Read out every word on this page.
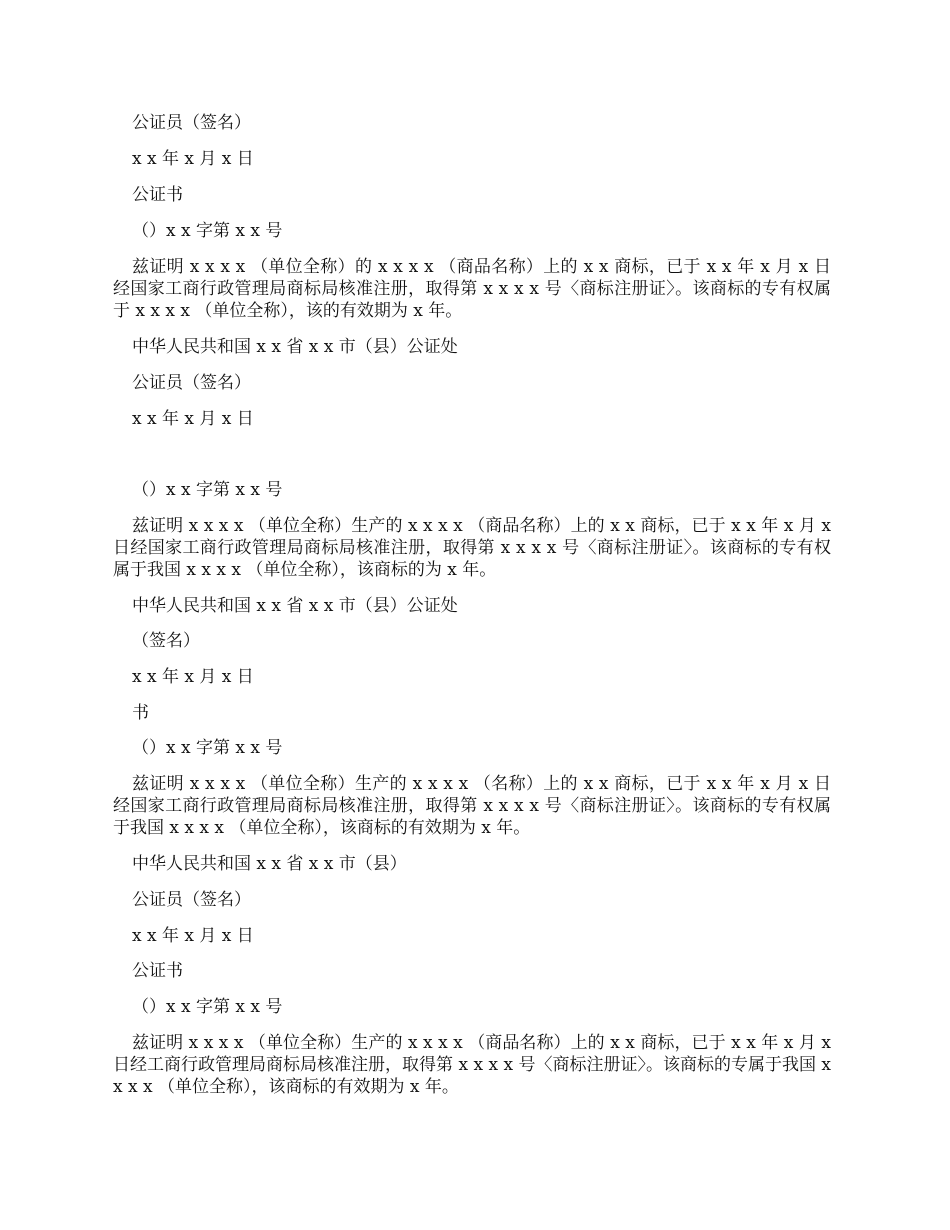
公证员（签名）
x x 年 x 月 x 日
公证书
（）x x 字第 x x 号
兹证明 x x x x （单位全称）的 x x x x （商品名称）上的 x x 商标，已于 x x 年 x 月 x 日经国家工商行政管理局商标局核准注册，取得第 x x x x 号〈商标注册证〉。该商标的专有权属于 x x x x （单位全称），该的有效期为 x 年。
中华人民共和国 x x 省 x x 市（县）公证处
公证员（签名）
x x 年 x 月 x 日
（）x x 字第 x x 号
兹证明 x x x x （单位全称）生产的 x x x x （商品名称）上的 x x 商标，已于 x x 年 x 月 x 日经国家工商行政管理局商标局核准注册，取得第 x x x x 号〈商标注册证〉。该商标的专有权属于我国 x x x x （单位全称），该商标的为 x 年。
中华人民共和国 x x 省 x x 市（县）公证处
（签名）
x x 年 x 月 x 日
书
（）x x 字第 x x 号
兹证明 x x x x （单位全称）生产的 x x x x （名称）上的 x x 商标，已于 x x 年 x 月 x 日经国家工商行政管理局商标局核准注册，取得第 x x x x 号〈商标注册证〉。该商标的专有权属于我国 x x x x （单位全称），该商标的有效期为 x 年。
中华人民共和国 x x 省 x x 市（县）
公证员（签名）
x x 年 x 月 x 日
公证书
（）x x 字第 x x 号
兹证明 x x x x （单位全称）生产的 x x x x （商品名称）上的 x x 商标，已于 x x 年 x 月 x 日经工商行政管理局商标局核准注册，取得第 x x x x 号〈商标注册证〉。该商标的专属于我国 x x x x （单位全称），该商标的有效期为 x 年。
